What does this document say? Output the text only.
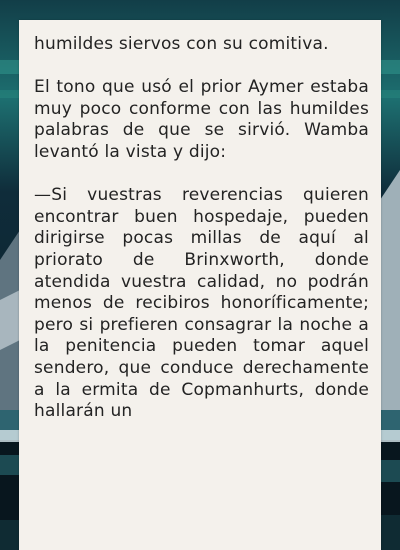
humildes siervos con su comitiva.

El tono que usó el prior Aymer estaba muy poco conforme con las humildes palabras de que se sirvió. Wamba levantó la vista y dijo:

—Si vuestras reverencias quieren encontrar buen hospedaje, pueden dirigirse pocas millas de aquí al priorato de Brinxworth, donde atendida vuestra calidad, no podrán menos de recibiros honoríficamente; pero si prefieren consagrar la noche a la penitencia pueden tomar aquel sendero, que conduce derechamente a la ermita de Copmanhurts, donde hallarán un
